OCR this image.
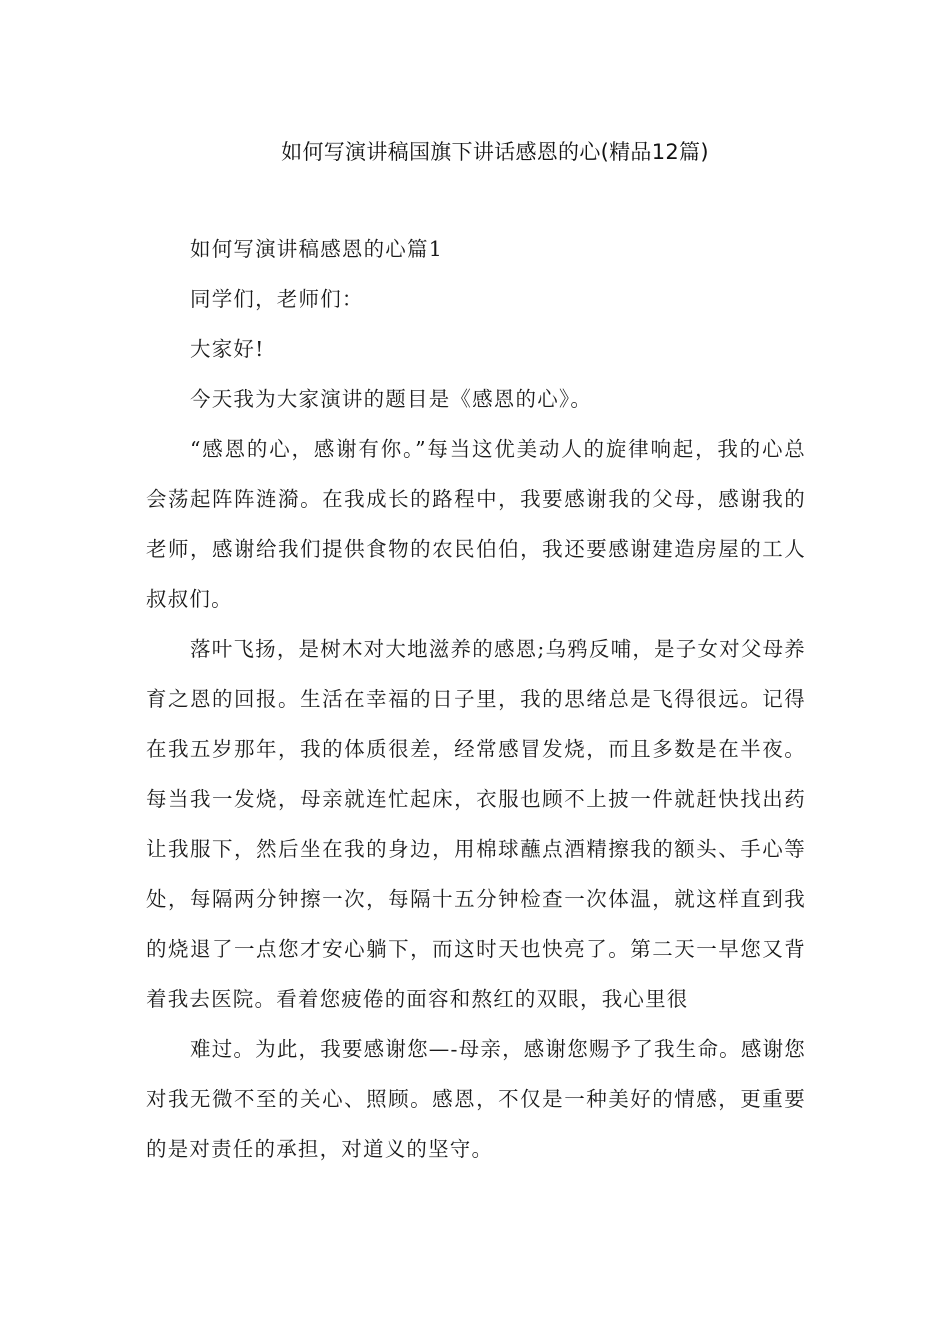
如何写演讲稿国旗下讲话感恩的心(精品12篇)

如何写演讲稿感恩的心篇1

同学们，老师们：

大家好!

今天我为大家演讲的题目是《感恩的心》。

“感恩的心，感谢有你。”每当这优美动人的旋律响起，我的心总会荡起阵阵涟漪。在我成长的路程中，我要感谢我的父母，感谢我的老师，感谢给我们提供食物的农民伯伯，我还要感谢建造房屋的工人叔叔们。

落叶飞扬，是树木对大地滋养的感恩;乌鸦反哺，是子女对父母养育之恩的回报。生活在幸福的日子里，我的思绪总是飞得很远。记得在我五岁那年，我的体质很差，经常感冒发烧，而且多数是在半夜。每当我一发烧，母亲就连忙起床，衣服也顾不上披一件就赶快找出药让我服下，然后坐在我的身边，用棉球蘸点酒精擦我的额头、手心等处，每隔两分钟擦一次，每隔十五分钟检查一次体温，就这样直到我的烧退了一点您才安心躺下，而这时天也快亮了。第二天一早您又背着我去医院。看着您疲倦的面容和熬红的双眼，我心里很

难过。为此，我要感谢您—-母亲，感谢您赐予了我生命。感谢您对我无微不至的关心、照顾。感恩，不仅是一种美好的情感，更重要的是对责任的承担，对道义的坚守。
